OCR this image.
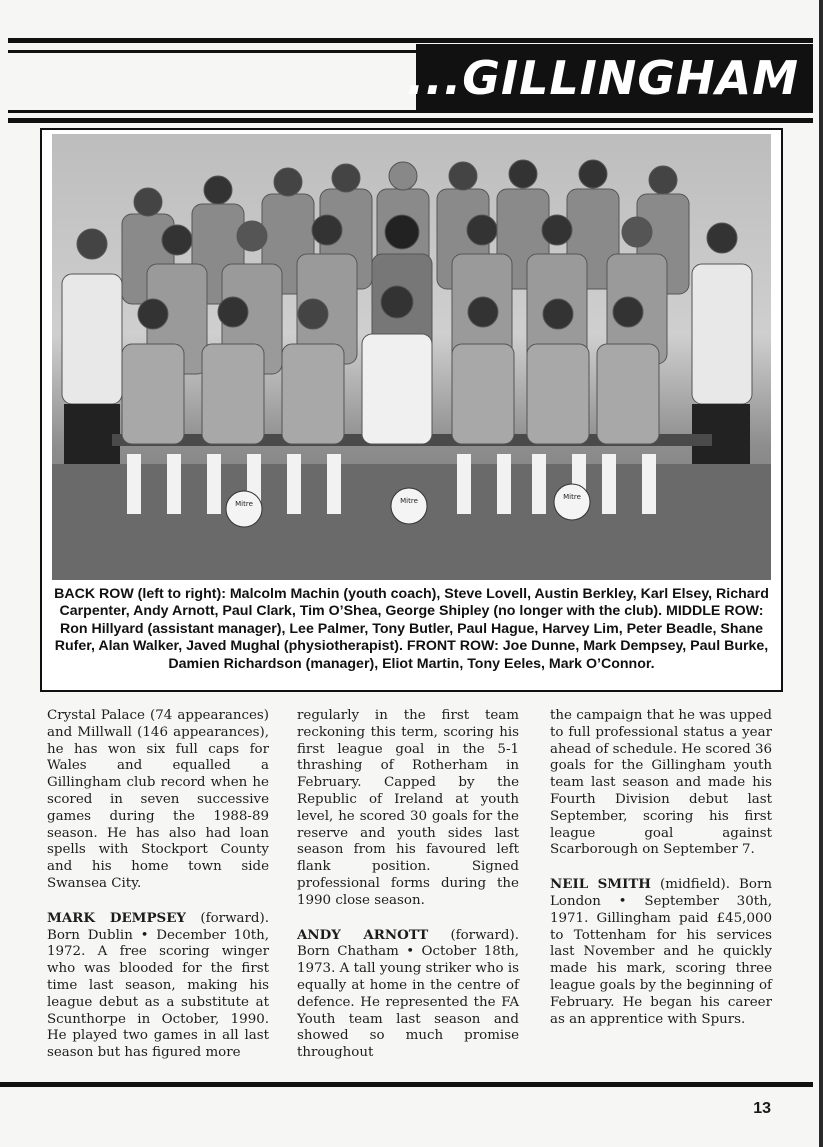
...GILLINGHAM
Mitre	Mitre	Mitre
BACK ROW (left to right): Malcolm Machin (youth coach), Steve Lovell, Austin Berkley, Karl Elsey, Richard Carpenter, Andy Arnott, Paul Clark, Tim O’Shea, George Shipley (no longer with the club). MIDDLE ROW: Ron Hillyard (assistant manager), Lee Palmer, Tony Butler, Paul Hague, Harvey Lim, Peter Beadle, Shane Rufer, Alan Walker, Javed Mughal (physiotherapist). FRONT ROW: Joe Dunne, Mark Dempsey, Paul Burke, Damien Richardson (manager), Eliot Martin, Tony Eeles, Mark O’Connor.

Crystal Palace (74 appearances) and Millwall (146 appearances), he has won six full caps for Wales and equalled a Gillingham club record when he scored in seven successive games during the 1988-89 season. He has also had loan spells with Stockport County and his home town side Swansea City.

MARK DEMPSEY (forward). Born Dublin • December 10th, 1972. A free scoring winger who was blooded for the first time last season, making his league debut as a substitute at Scunthorpe in October, 1990. He played two games in all last season but has figured more

regularly in the first team reckoning this term, scoring his first league goal in the 5-1 thrashing of Rotherham in February. Capped by the Republic of Ireland at youth level, he scored 30 goals for the reserve and youth sides last season from his favoured left flank position. Signed professional forms during the 1990 close season.

ANDY ARNOTT (forward). Born Chatham • October 18th, 1973. A tall young striker who is equally at home in the centre of defence. He represented the FA Youth team last season and showed so much promise throughout

the campaign that he was upped to full professional status a year ahead of schedule. He scored 36 goals for the Gillingham youth team last season and made his Fourth Division debut last September, scoring his first league goal against Scarborough on September 7.

NEIL SMITH (midfield). Born London • September 30th, 1971. Gillingham paid £45,000 to Tottenham for his services last November and he quickly made his mark, scoring three league goals by the beginning of February. He began his career as an apprentice with Spurs.

13
